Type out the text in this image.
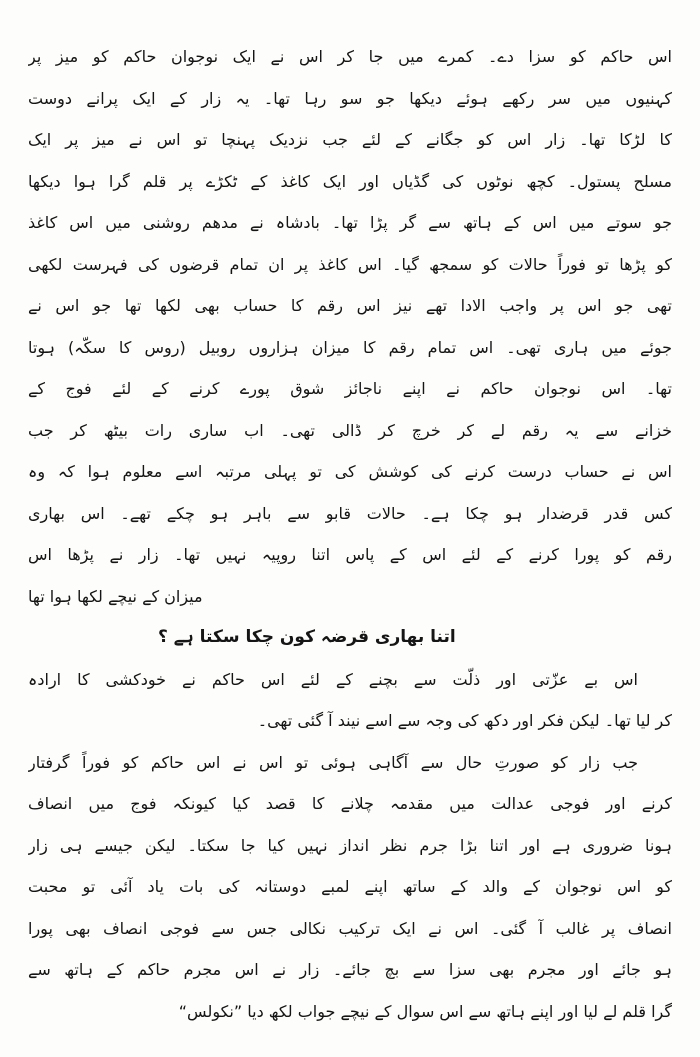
اس حاکم کو سزا دے۔ کمرے میں جا کر اس نے ایک نوجوان حاکم کو میز پر
کہنیوں میں سر رکھے ہوئے دیکھا جو سو رہا تھا۔ یہ زار کے ایک پرانے دوست
کا لڑکا تھا۔ زار اس کو جگانے کے لئے جب نزدیک پہنچا تو اس نے میز پر ایک
مسلح پستول۔ کچھ نوٹوں کی گڈیاں اور ایک کاغذ کے ٹکڑے پر قلم گرا ہوا دیکھا
جو سوتے میں اس کے ہاتھ سے گر پڑا تھا۔ بادشاہ نے مدھم روشنی میں اس کاغذ
کو پڑھا تو فوراً حالات کو سمجھ گیا۔ اس کاغذ پر ان تمام قرضوں کی فہرست لکھی
تھی جو اس پر واجب الادا تھے نیز اس رقم کا حساب بھی لکھا تھا جو اس نے
جوئے میں ہاری تھی۔ اس تمام رقم کا میزان ہزاروں روبیل (روس کا سکّہ) ہوتا
تھا۔ اس نوجوان حاکم نے اپنے ناجائز شوق پورے کرنے کے لئے فوج کے
خزانے سے یہ رقم لے کر خرچ کر ڈالی تھی۔ اب ساری رات بیٹھ کر جب
اس نے حساب درست کرنے کی کوشش کی تو پہلی مرتبہ اسے معلوم ہوا کہ وہ
کس قدر قرضدار ہو چکا ہے۔ حالات قابو سے باہر ہو چکے تھے۔ اس بھاری
رقم کو پورا کرنے کے لئے اس کے پاس اتنا روپیہ نہیں تھا۔ زار نے پڑھا اس
میزان کے نیچے لکھا ہوا تھا
اتنا بھاری قرضہ کون چکا سکتا ہے ؟
اس بے عزّتی اور ذلّت سے بچنے کے لئے اس حاکم نے خودکشی کا ارادہ
کر لیا تھا۔ لیکن فکر اور دکھ کی وجہ سے اسے نیند آ گئی تھی۔
جب زار کو صورتِ حال سے آگاہی ہوئی تو اس نے اس حاکم کو فوراً گرفتار
کرنے اور فوجی عدالت میں مقدمہ چلانے کا قصد کیا کیونکہ فوج میں انصاف
ہونا ضروری ہے اور اتنا بڑا جرم نظر انداز نہیں کیا جا سکتا۔ لیکن جیسے ہی زار
کو اس نوجوان کے والد کے ساتھ اپنے لمبے دوستانہ کی بات یاد آئی تو محبت
انصاف پر غالب آ گئی۔ اس نے ایک ترکیب نکالی جس سے فوجی انصاف بھی پورا
ہو جائے اور مجرم بھی سزا سے بچ جائے۔ زار نے اس مجرم حاکم کے ہاتھ سے
گرا قلم لے لیا اور اپنے ہاتھ سے اس سوال کے نیچے جواب لکھ دیا ”نکولس“
